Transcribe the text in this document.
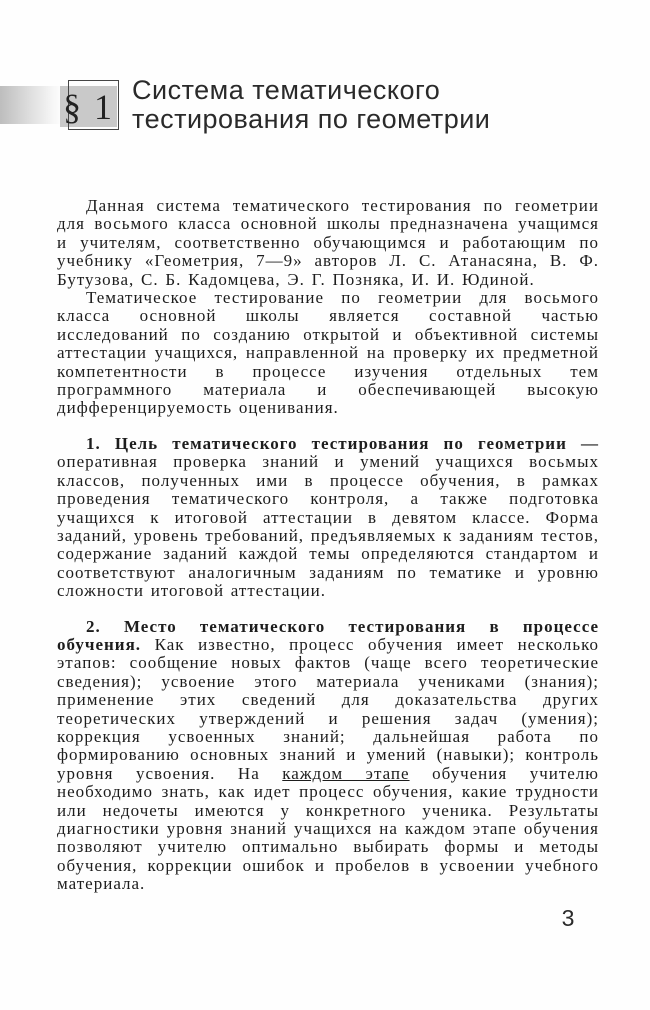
§ 1 Система тематического
тестирования по геометрии

Данная система тематического тестирования по геометрии для восьмого класса основной школы предназначена учащимся и учителям, соответственно обучающимся и работающим по учебнику «Геометрия, 7—9» авторов Л. С. Атанасяна, В. Ф. Бутузова, С. Б. Кадомцева, Э. Г. Позняка, И. И. Юдиной.

Тематическое тестирование по геометрии для восьмого класса основной школы является составной частью исследований по созданию открытой и объективной системы аттестации учащихся, направленной на проверку их предметной компетентности в процессе изучения отдельных тем программного материала и обеспечивающей высокую дифференцируемость оценивания.

1. Цель тематического тестирования по геометрии — оперативная проверка знаний и умений учащихся восьмых классов, полученных ими в процессе обучения, в рамках проведения тематического контроля, а также подготовка учащихся к итоговой аттестации в девятом классе. Форма заданий, уровень требований, предъявляемых к заданиям тестов, содержание заданий каждой темы определяются стандартом и соответствуют аналогичным заданиям по тематике и уровню сложности итоговой аттестации.

2. Место тематического тестирования в процессе обучения. Как известно, процесс обучения имеет несколько этапов: сообщение новых фактов (чаще всего теоретические сведения); усвоение этого материала учениками (знания); применение этих сведений для доказательства других теоретических утверждений и решения задач (умения); коррекция усвоенных знаний; дальнейшая работа по формированию основных знаний и умений (навыки); контроль уровня усвоения. На каждом этапе обучения учителю необходимо знать, как идет процесс обучения, какие трудности или недочеты имеются у конкретного ученика. Результаты диагностики уровня знаний учащихся на каждом этапе обучения позволяют учителю оптимально выбирать формы и методы обучения, коррекции ошибок и пробелов в усвоении учебного материала.

3
